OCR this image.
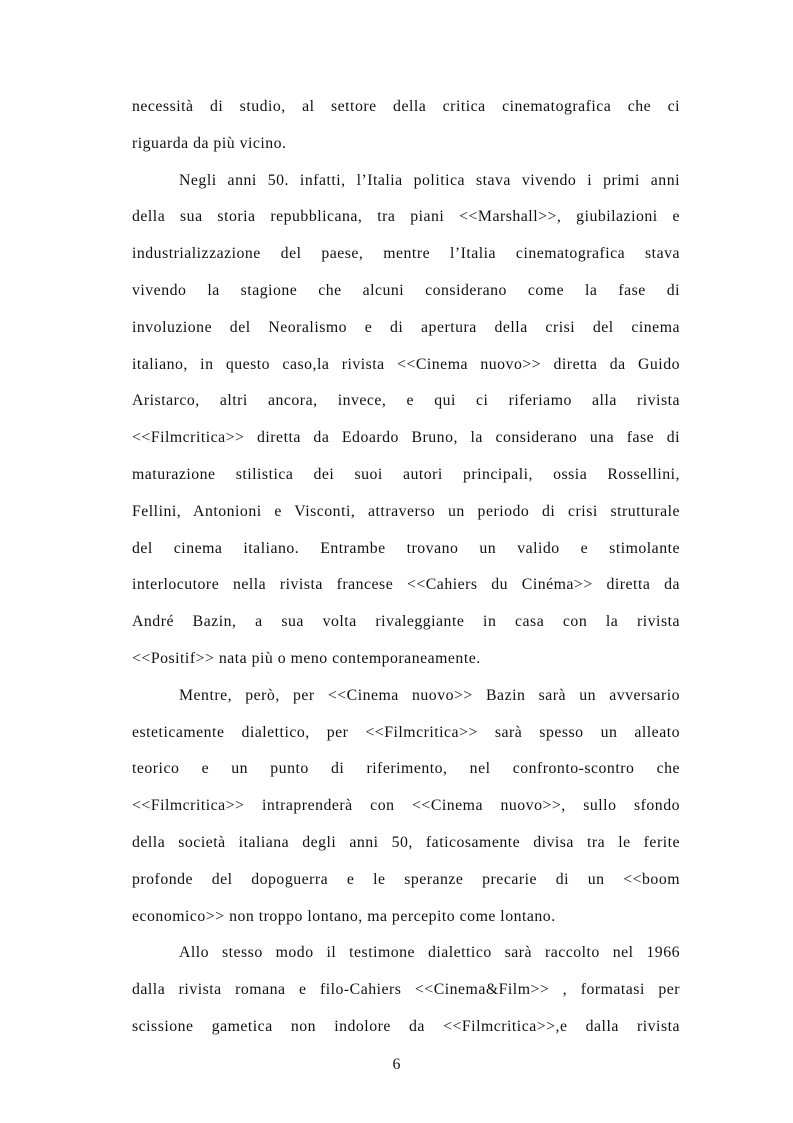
necessità di studio, al settore della critica cinematografica che ci
riguarda da più vicino.
Negli anni 50. infatti, l’Italia politica stava vivendo i primi anni
della sua storia repubblicana, tra piani <<Marshall>>, giubilazioni e
industrializzazione del paese, mentre l’Italia cinematografica stava
vivendo la stagione che alcuni considerano come la fase di
involuzione del Neoralismo e di apertura della crisi del cinema
italiano, in questo caso,la rivista <<Cinema nuovo>> diretta da Guido
Aristarco, altri ancora, invece, e qui ci riferiamo alla rivista
<<Filmcritica>> diretta da Edoardo Bruno, la considerano una fase di
maturazione stilistica dei suoi autori principali, ossia Rossellini,
Fellini, Antonioni e Visconti, attraverso un periodo di crisi strutturale
del cinema italiano. Entrambe trovano un valido e stimolante
interlocutore nella rivista francese <<Cahiers du Cinéma>> diretta da
André Bazin, a sua volta rivaleggiante in casa con la rivista
<<Positif>> nata più o meno contemporaneamente.
Mentre, però, per <<Cinema nuovo>> Bazin sarà un avversario
esteticamente dialettico, per <<Filmcritica>> sarà spesso un alleato
teorico e un punto di riferimento, nel confronto-scontro che
<<Filmcritica>> intraprenderà con <<Cinema nuovo>>, sullo sfondo
della società italiana degli anni 50, faticosamente divisa tra le ferite
profonde del dopoguerra e le speranze precarie di un <<boom
economico>> non troppo lontano, ma percepito come lontano.
Allo stesso modo il testimone dialettico sarà raccolto nel 1966
dalla rivista romana e filo-Cahiers <<Cinema&Film>> , formatasi per
scissione gametica non indolore da <<Filmcritica>>,e dalla rivista
6
